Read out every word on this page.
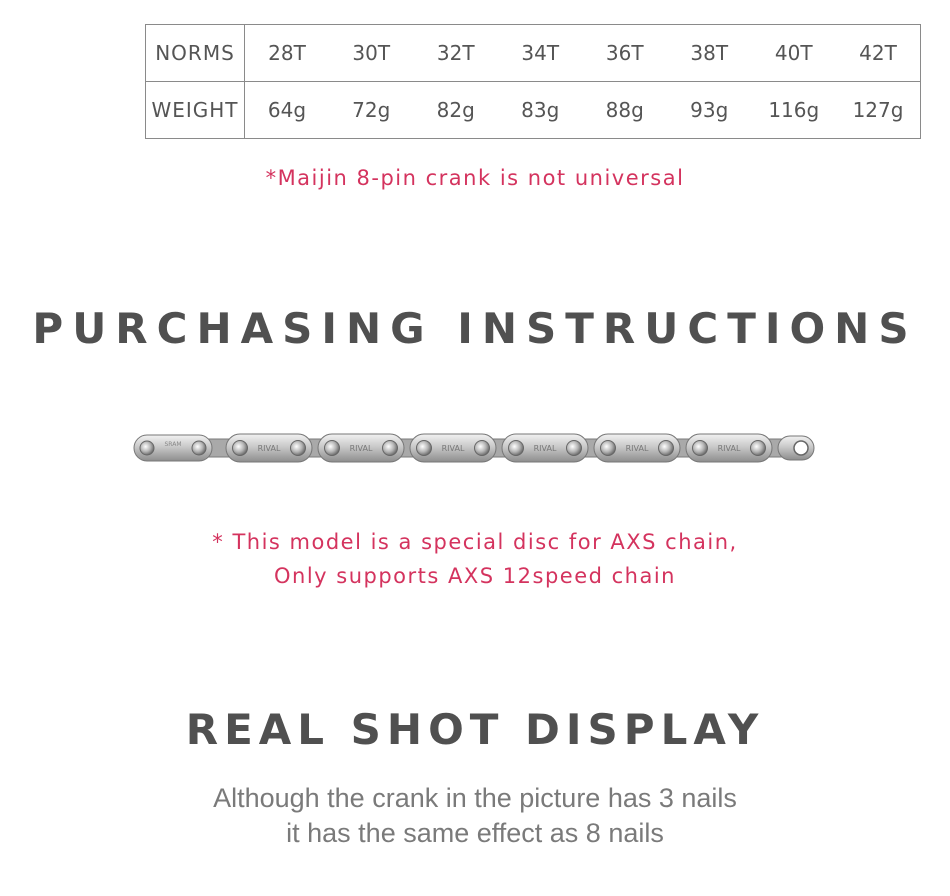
NORMS	28T	30T	32T	34T	36T	38T	40T	42T
WEIGHT	64g	72g	82g	83g	88g	93g	116g	127g
*Maijin 8-pin crank is not universal
PURCHASING INSTRUCTIONS
SRAM	RIVAL	RIVAL	RIVAL	RIVAL	RIVAL	RIVAL
* This model is a special disc for AXS chain,
Only supports AXS 12speed chain
REAL SHOT DISPLAY
Although the crank in the picture has 3 nails
it has the same effect as 8 nails
